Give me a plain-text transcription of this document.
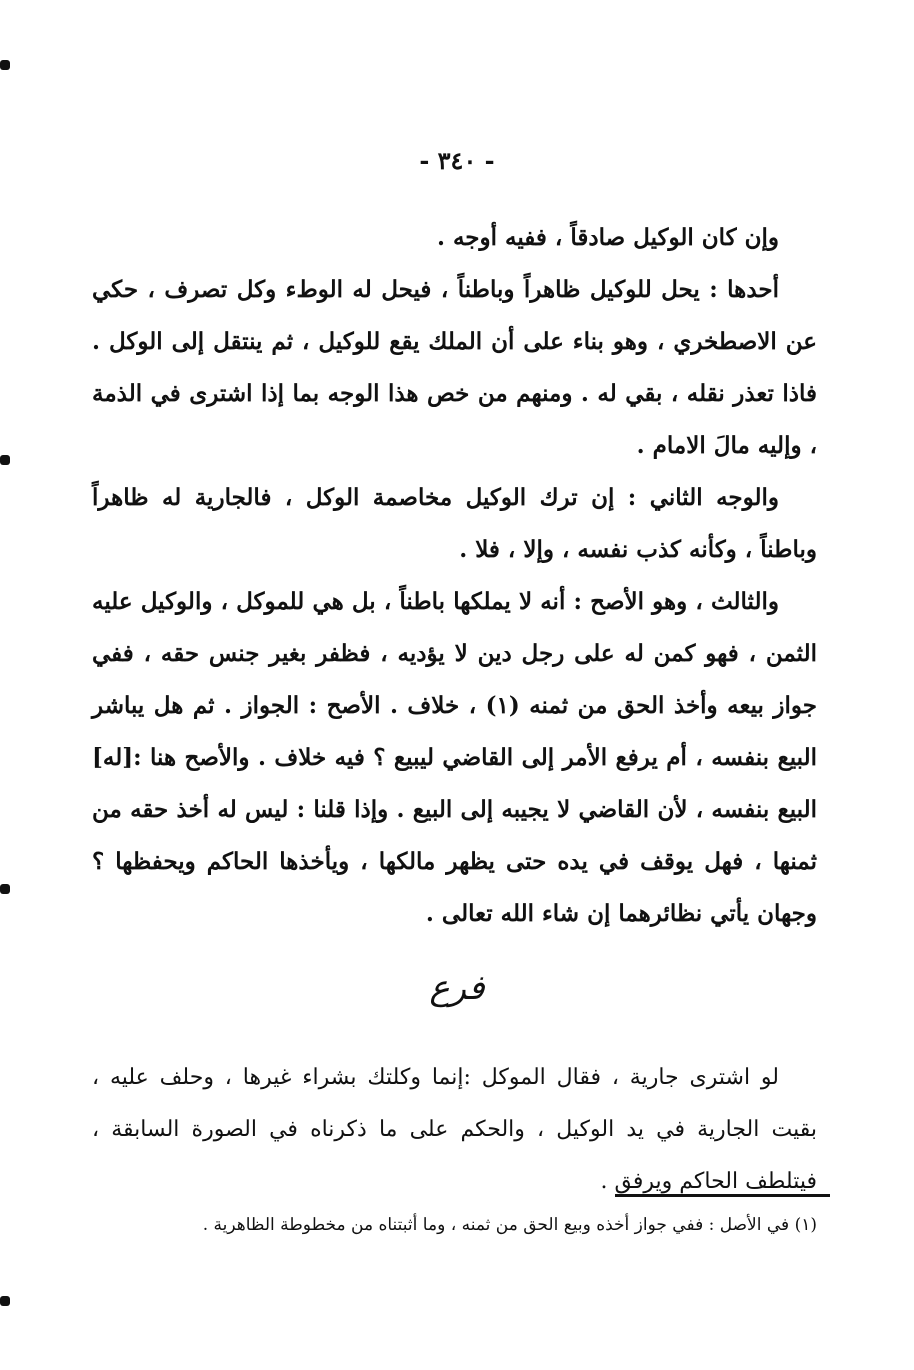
- ٣٤٠ -

وإن كان الوكيل صادقاً ، ففيه أوجه .

أحدها : يحل للوكيل ظاهراً وباطناً ، فيحل له الوطء وكل تصرف ، حكي عن الاصطخري ، وهو بناء على أن الملك يقع للوكيل ، ثم ينتقل إلى الوكل . فاذا تعذر نقله ، بقي له . ومنهم من خص هذا الوجه بما إذا اشترى في الذمة ، وإليه مالَ الامام .

والوجه الثاني : إن ترك الوكيل مخاصمة الوكل ، فالجارية له ظاهراً وباطناً ، وكأنه كذب نفسه ، وإلا ، فلا .

والثالث ، وهو الأصح : أنه لا يملكها باطناً ، بل هي للموكل ، والوكيل عليه الثمن ، فهو كمن له على رجل دين لا يؤديه ، فظفر بغير جنس حقه ، ففي جواز بيعه وأخذ الحق من ثمنه (١) ، خلاف . الأصح : الجواز . ثم هل يباشر البيع بنفسه ، أم يرفع الأمر إلى القاضي ليبيع ؟ فيه خلاف . والأصح هنا :[له] البيع بنفسه ، لأن القاضي لا يجيبه إلى البيع . وإذا قلنا : ليس له أخذ حقه من ثمنها ، فهل يوقف في يده حتى يظهر مالكها ، ويأخذها الحاكم ويحفظها ؟ وجهان يأتي نظائرهما إن شاء الله تعالى .

فرع

لو اشترى جارية ، فقال الموكل :إنما وكلتك بشراء غيرها ، وحلف عليه ، بقيت الجارية في يد الوكيل ، والحكم على ما ذكرناه في الصورة السابقة ، فيتلطف الحاكم ويرفق .

(١) في الأصل : ففي جواز أخذه وبيع الحق من ثمنه ، وما أثبتناه من مخطوطة الظاهرية .
